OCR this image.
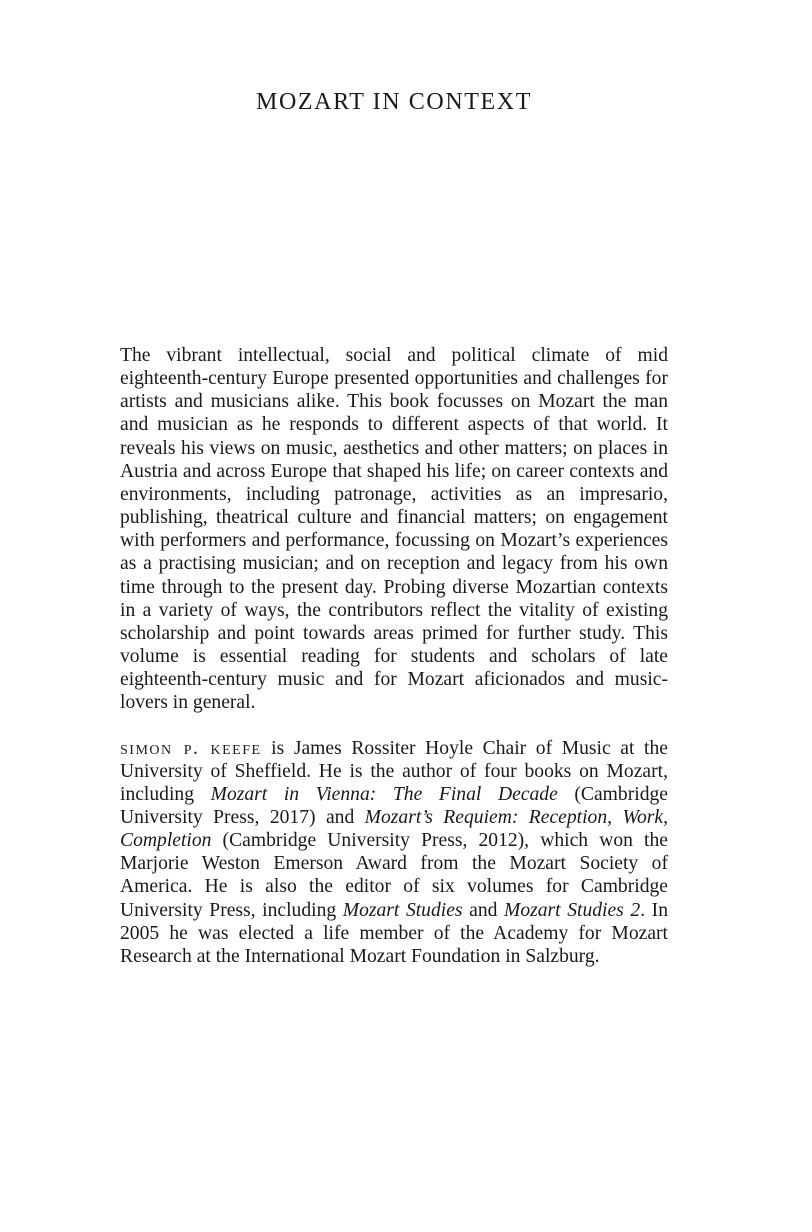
MOZART IN CONTEXT

The vibrant intellectual, social and political climate of mid eighteenth-century Europe presented opportunities and challenges for artists and musicians alike. This book focusses on Mozart the man and musician as he responds to different aspects of that world. It reveals his views on music, aesthetics and other matters; on places in Austria and across Europe that shaped his life; on career contexts and environments, including patronage, activities as an impresario, publishing, theatrical culture and financial matters; on engagement with performers and performance, focussing on Mozart’s experiences as a practising musician; and on reception and legacy from his own time through to the present day. Probing diverse Mozartian contexts in a variety of ways, the contributors reflect the vitality of existing scholarship and point towards areas primed for further study. This volume is essential reading for students and scholars of late eighteenth-century music and for Mozart aficionados and music-lovers in general.

simon p. keefe is James Rossiter Hoyle Chair of Music at the University of Sheffield. He is the author of four books on Mozart, including Mozart in Vienna: The Final Decade (Cambridge University Press, 2017) and Mozart’s Requiem: Reception, Work, Completion (Cambridge University Press, 2012), which won the Marjorie Weston Emerson Award from the Mozart Society of America. He is also the editor of six volumes for Cambridge University Press, including Mozart Studies and Mozart Studies 2. In 2005 he was elected a life member of the Academy for Mozart Research at the International Mozart Foundation in Salzburg.
